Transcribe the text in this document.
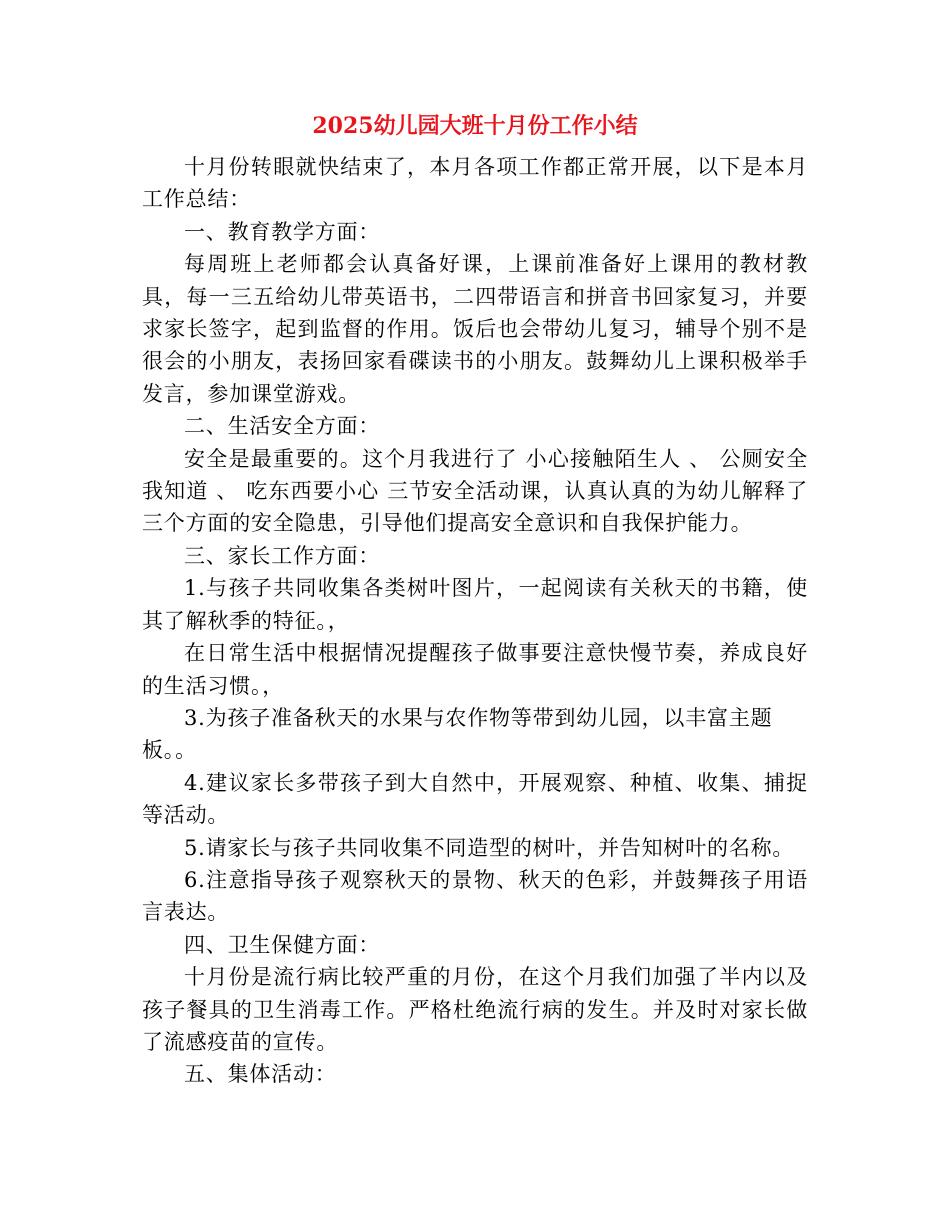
2025幼儿园大班十月份工作小结

十月份转眼就快结束了，本月各项工作都正常开展，以下是本月工作总结：

一、教育教学方面：

每周班上老师都会认真备好课，上课前准备好上课用的教材教具，每一三五给幼儿带英语书，二四带语言和拼音书回家复习，并要求家长签字，起到监督的作用。饭后也会带幼儿复习，辅导个别不是很会的小朋友，表扬回家看碟读书的小朋友。鼓舞幼儿上课积极举手发言，参加课堂游戏。

二、生活安全方面：

安全是最重要的。这个月我进行了 小心接触陌生人 、 公厕安全我知道 、 吃东西要小心 三节安全活动课，认真认真的为幼儿解释了三个方面的安全隐患，引导他们提高安全意识和自我保护能力。

三、家长工作方面：

1.与孩子共同收集各类树叶图片，一起阅读有关秋天的书籍，使其了解秋季的特征。，

在日常生活中根据情况提醒孩子做事要注意快慢节奏，养成良好的生活习惯。，

3.为孩子准备秋天的水果与农作物等带到幼儿园，以丰富主题板。。

4.建议家长多带孩子到大自然中，开展观察、种植、收集、捕捉等活动。

5.请家长与孩子共同收集不同造型的树叶，并告知树叶的名称。

6.注意指导孩子观察秋天的景物、秋天的色彩，并鼓舞孩子用语言表达。

四、卫生保健方面：

十月份是流行病比较严重的月份，在这个月我们加强了半内以及孩子餐具的卫生消毒工作。严格杜绝流行病的发生。并及时对家长做了流感疫苗的宣传。

五、集体活动：
